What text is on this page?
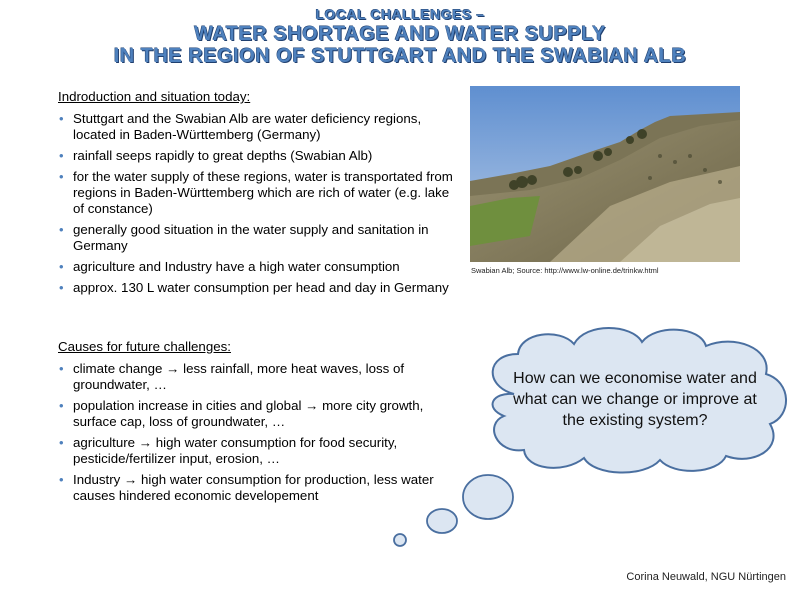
LOCAL CHALLENGES –
WATER SHORTAGE AND WATER SUPPLY
IN THE REGION OF STUTTGART AND THE SWABIAN ALB
Indroduction and situation today:
• Stuttgart and the Swabian Alb are water deficiency regions, located in Baden-Württemberg (Germany)
• rainfall seeps rapidly to great depths (Swabian Alb)
• for the water supply of these regions, water is transportated from regions in Baden-Württemberg which are rich of water (e.g. lake of constance)
• generally good situation in the water supply and sanitation in Germany
• agriculture and Industry have a high water consumption
• approx. 130 L water consumption per head and day in Germany
Causes for future challenges:
• climate change → less rainfall, more heat waves, loss of groundwater, …
• population increase in cities and global → more city growth, surface cap, loss of groundwater, …
• agriculture → high water consumption for food security, pesticide/fertilizer input, erosion, …
• Industry → high water consumption for production, less water causes hindered economic developement
Swabian Alb; Source: http://www.lw-online.de/trinkw.html
How can we economise water and what can we change or improve at the existing system?
Corina Neuwald, NGU Nürtingen
